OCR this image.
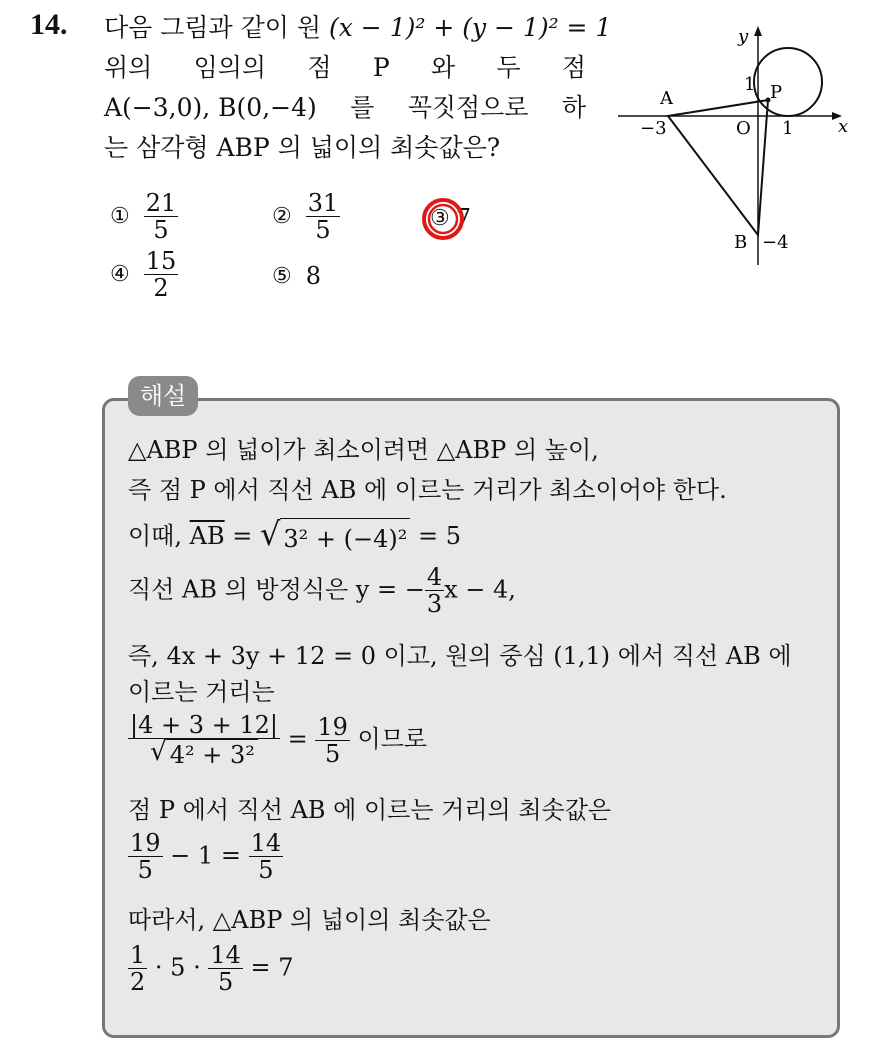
14. 다음 그림과 같이 원 (x − 1)² + (y − 1)² = 1
위의 임의의 점 P 와 두 점
A(−3,0), B(0,−4) 를 꼭짓점으로 하
는 삼각형 ABP 의 넓이의 최솟값은?
① $\frac{21}{5}$	② $\frac{31}{5}$	③ 7
④ $\frac{15}{2}$	⑤ 8
x
y
A
−3	O 1
1 P
B −4
해설
△ABP 의 넓이가 최소이려면 △ABP 의 높이,
즉 점 P 에서 직선 AB 에 이르는 거리가 최소이어야 한다.
이때, $\overline{AB}$ = √ 3² + (−4)² = 5
직선 AB 의 방정식은 y = − $\frac{4}{3}$ x − 4,
즉, 4x + 3y + 12 = 0 이고, 원의 중심 (1,1) 에서 직선 AB 에
이르는 거리는
$\frac{|4 + 3 + 12|}{\text{√ 4² + 3²}} = \frac{19}{5}$ 이므로
점 P 에서 직선 AB 에 이르는 거리의 최솟값은
$\frac{19}{5} - 1 = \frac{14}{5}$
따라서, △ABP 의 넓이의 최솟값은
$\frac{1}{2} \cdot 5 \cdot \frac{14}{5} = 7$
